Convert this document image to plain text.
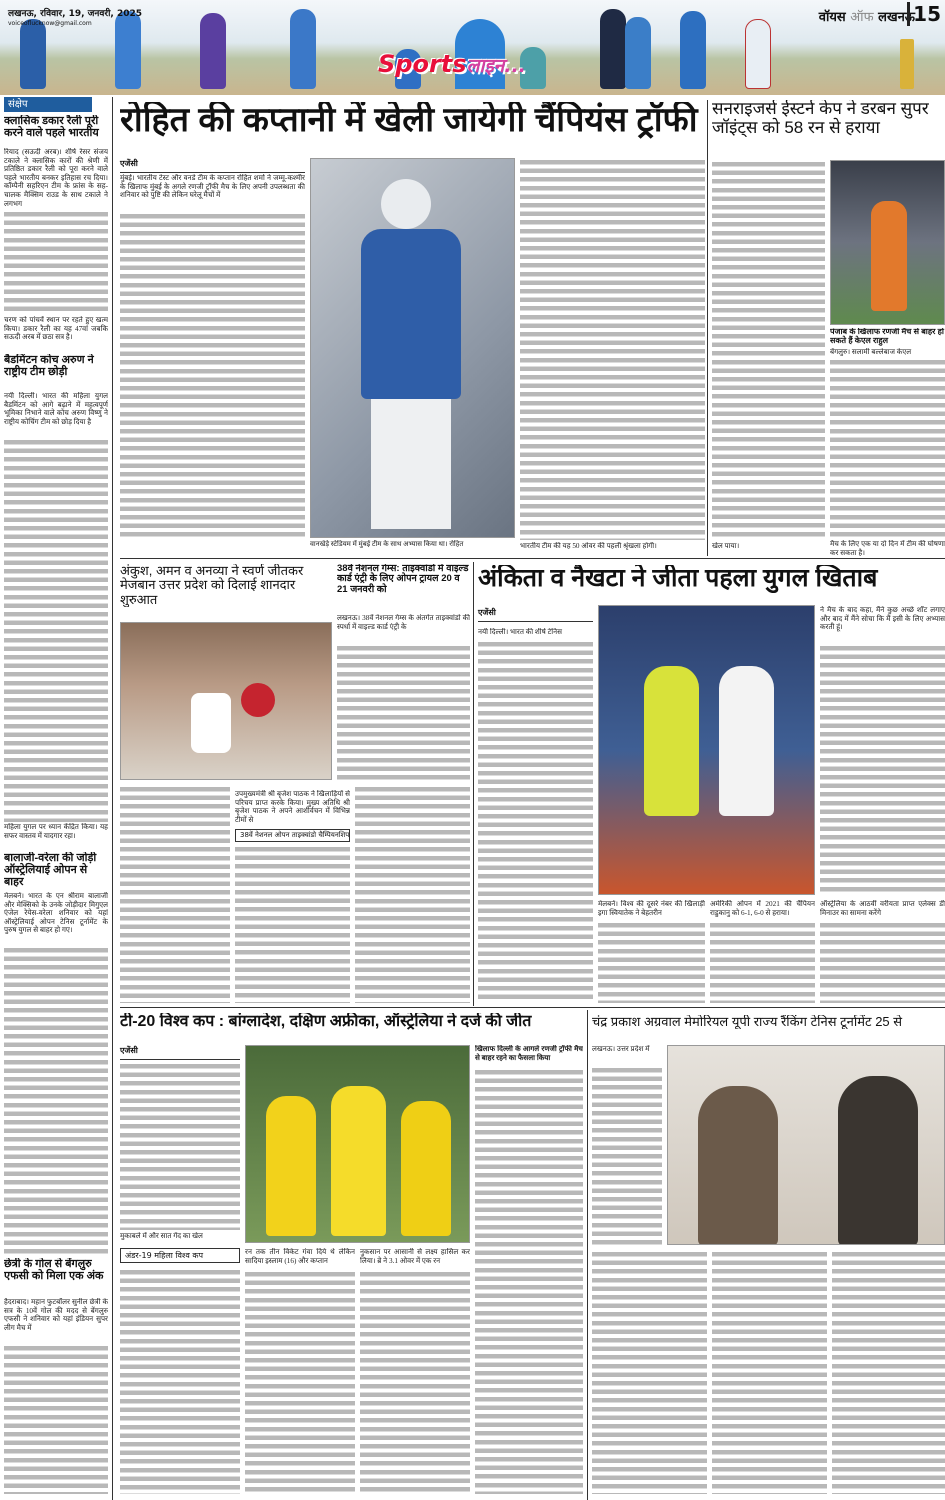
लखनऊ, रविवार, 19, जनवरी, 2025
voiceoflucknow@gmail.com	वॉयस ऑफ लखनऊ
15
Sportsलाइन...
संक्षेप
क्लासिक डकार रैली पूरी करने वाले पहले भारतीय
रियाद (सऊदी अरब)। शीर्ष रेसर संजय टकाले ने क्लासिक कारों की श्रेणी में प्रतिष्ठित डकार रैली को पूरा करने वाले पहले भारतीय बनकर इतिहास रच दिया। कॉम्पैनी सहरिएन टीम के फ्रांस के सह-चालक मैक्सिम राउड के साथ टकाले ने लगभग
चरण को पांचवें स्थान पर रहते हुए खत्म किया। डकार रैली का यह 47वां जबकि सऊदी अरब में छठा सत्र है।
बैडमिंटन कोच अरुण ने राष्ट्रीय टीम छोड़ी
नयी दिल्ली। भारत की महिला युगल बैडमिंटन को आगे बढ़ाने में महत्वपूर्ण भूमिका निभाने वाले कोच अरुण विष्णु ने राष्ट्रीय कोचिंग टीम को छोड़ दिया है
महिला युगल पर ध्यान केंद्रित किया। यह सफर वास्तव में यादगार रहा।
बालाजी-वरेला की जोड़ी ऑस्ट्रेलियाई ओपन से बाहर
मेलबर्न। भारत के एन श्रीराम बालाजी और मेक्सिको के उनके जोड़ीदार मिगुएल एंजेल रेयेस-वरेला शनिवार को यहां ऑस्ट्रेलियाई ओपन टेनिस टूर्नामेंट के पुरुष युगल से बाहर हो गए।
छेत्री के गोल से बेंगलुरु एफसी को मिला एक अंक
हैदराबाद। महान फुटबॉलर सुनील छेत्री के सत्र के 10वें गोल की मदद से बेंगलुरु एफसी ने शनिवार को यहां इंडियन सुपर लीग मैच में
रोहित की कप्तानी में खेली जायेगी चैंपियंस ट्रॉफी
एजेंसी
मुंबई। भारतीय टेस्ट और वनडे टीम के कप्तान रोहित शर्मा ने जम्मू-कश्मीर के खिलाफ मुंबई के अगले रणजी ट्रॉफी मैच के लिए अपनी उपलब्धता की शनिवार को पुष्टि की लेकिन घरेलू मैचों में
वानखेड़े स्टेडियम में मुंबई टीम के साथ अभ्यास किया था। रोहित	भारतीय टीम की यह 50 ओवर की पहली श्रृंखला होगी।
सनराइजर्स ईस्टर्न केप ने डरबन सुपर जॉइंट्स को 58 रन से हराया
खेल पाया।
पंजाब के खिलाफ रणजी मैच से बाहर हो सकते हैं केएल राहुल
बेंगलुरु। सलामी बल्लेबाज केएल
मैच के लिए एक या दो दिन में टीम की घोषणा कर सकता है।
अंकुश, अमन व अनव्या ने स्वर्ण जीतकर मेजबान उत्तर प्रदेश को दिलाई शानदार शुरुआत
उपमुख्यमंत्री श्री बृजेश पाठक ने खिलाड़ियों से परिचय प्राप्त करके किया। मुख्य अतिथि श्री बृजेश पाठक ने अपने आशीर्वचन में विभिन्न टीमों से
38वें नेशनल ओपन ताइक्वांडो चैम्पियनशिप
38वें नेशनल गेम्स: ताइक्वांडो में वाइल्ड कार्ड एंट्री के लिए ओपन ट्रायल 20 व 21 जनवरी को
लखनऊ। 38वें नेशनल गेम्स के अंतर्गत ताइक्वांडो की स्पर्धा में वाइल्ड कार्ड एंट्री के
अंकिता व नैखटा ने जीता पहला युगल खिताब
एजेंसी
नयी दिल्ली। भारत की शीर्ष टेनिस
ने मैच के बाद कहा, मैंने कुछ अच्छे शॉट लगाए और बाद में मैंने सोचा कि मैं इसी के लिए अभ्यास करती हूं।
मेलबर्न। विश्व की दूसरे नंबर की खिलाड़ी इगा स्वियातेक ने बेहतरीन
अमेरिकी ओपन में 2021 की चैंपियन राडुकानु को 6-1, 6-0 से हराया।
ऑस्ट्रेलिया के आठवीं वरीयता प्राप्त एलेक्स डी मिनाउर का सामना करेंगे
टी-20 विश्व कप : बांग्लादेश, दक्षिण अफ्रीका, ऑस्ट्रेलिया ने दर्ज की जीत
एजेंसी
मुकाबले में और सात गेंद का खेल
अंडर-19 महिला विश्व कप	रन तक तीन विकेट गंवा दिये थे लेकिन सादिया इस्लाम (16) और कप्तान
नुकसान पर आसानी से लक्ष्य हासिल कर लिया। ब्रे ने 3.1 ओवर में एक रन
खिलाफ दिल्ली के आगले रणजी ट्रॉफी मैच से बाहर रहने का फैसला किया
चंद्र प्रकाश अग्रवाल मेमोरियल यूपी राज्य रैंकिंग टेनिस टूर्नामेंट 25 से
लखनऊ। उत्तर प्रदेश में
